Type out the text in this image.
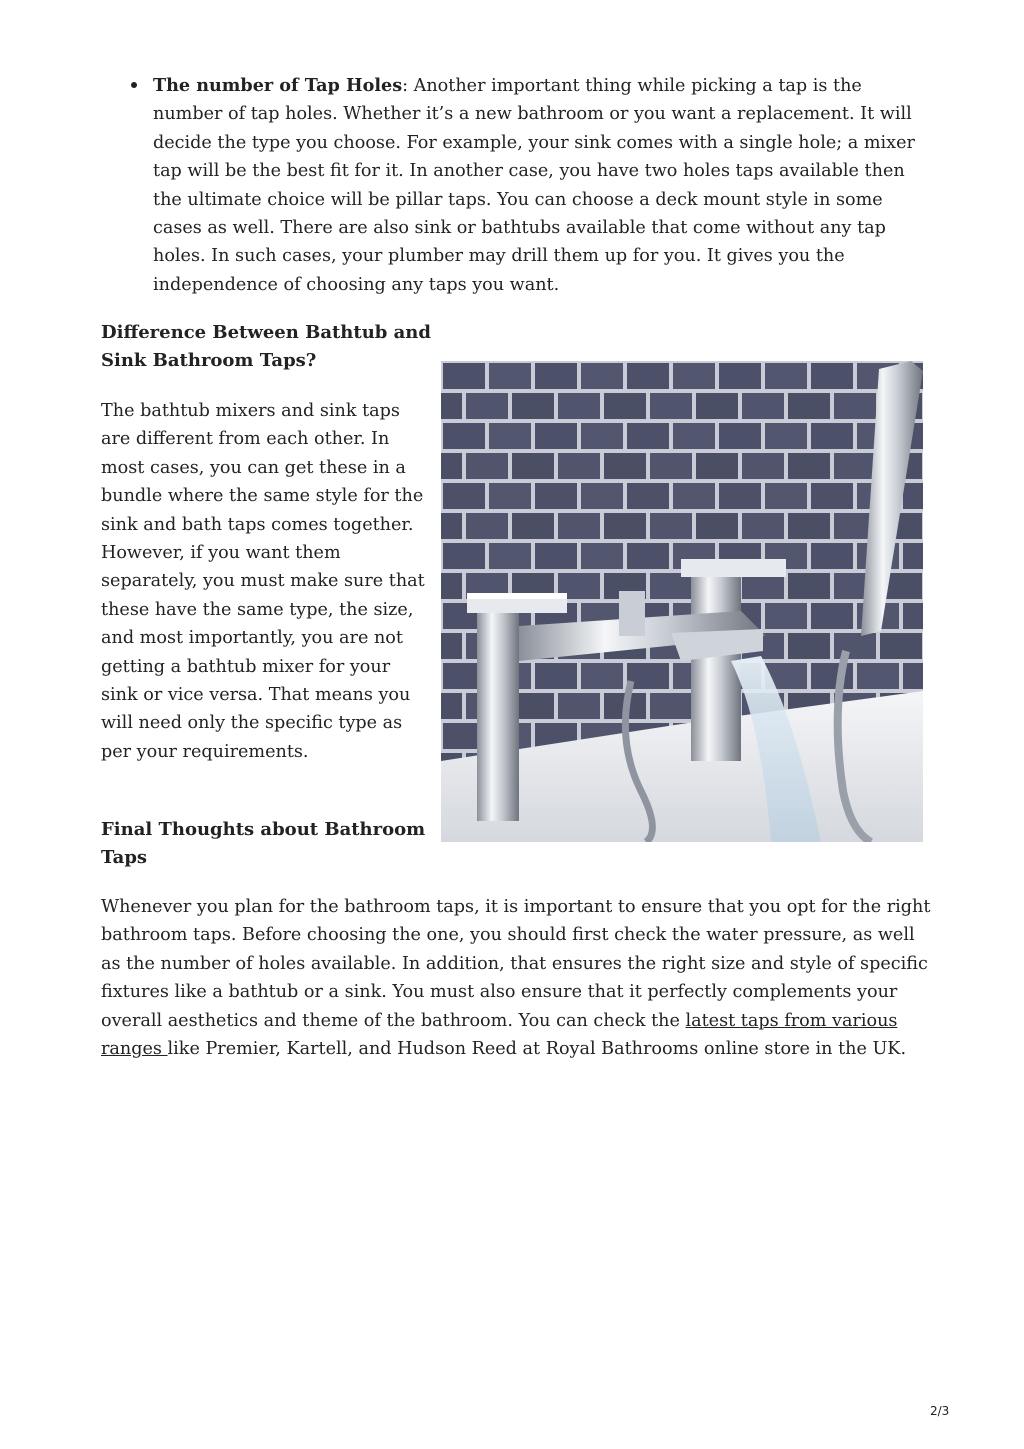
The number of Tap Holes: Another important thing while picking a tap is the number of tap holes. Whether it’s a new bathroom or you want a replacement. It will decide the type you choose. For example, your sink comes with a single hole; a mixer tap will be the best fit for it. In another case, you have two holes taps available then the ultimate choice will be pillar taps. You can choose a deck mount style in some cases as well. There are also sink or bathtubs available that come without any tap holes. In such cases, your plumber may drill them up for you. It gives you the independence of choosing any taps you want.
Difference Between Bathtub and Sink Bathroom Taps?
The bathtub mixers and sink taps are different from each other. In most cases, you can get these in a bundle where the same style for the sink and bath taps comes together. However, if you want them separately, you must make sure that these have the same type, the size, and most importantly, you are not getting a bathtub mixer for your sink or vice versa. That means you will need only the specific type as per your requirements.
Final Thoughts about Bathroom Taps
Whenever you plan for the bathroom taps, it is important to ensure that you opt for the right bathroom taps. Before choosing the one, you should first check the water pressure, as well as the number of holes available. In addition, that ensures the right size and style of specific fixtures like a bathtub or a sink. You must also ensure that it perfectly complements your overall aesthetics and theme of the bathroom. You can check the latest taps from various ranges like Premier, Kartell, and Hudson Reed at Royal Bathrooms online store in the UK.
2/3
